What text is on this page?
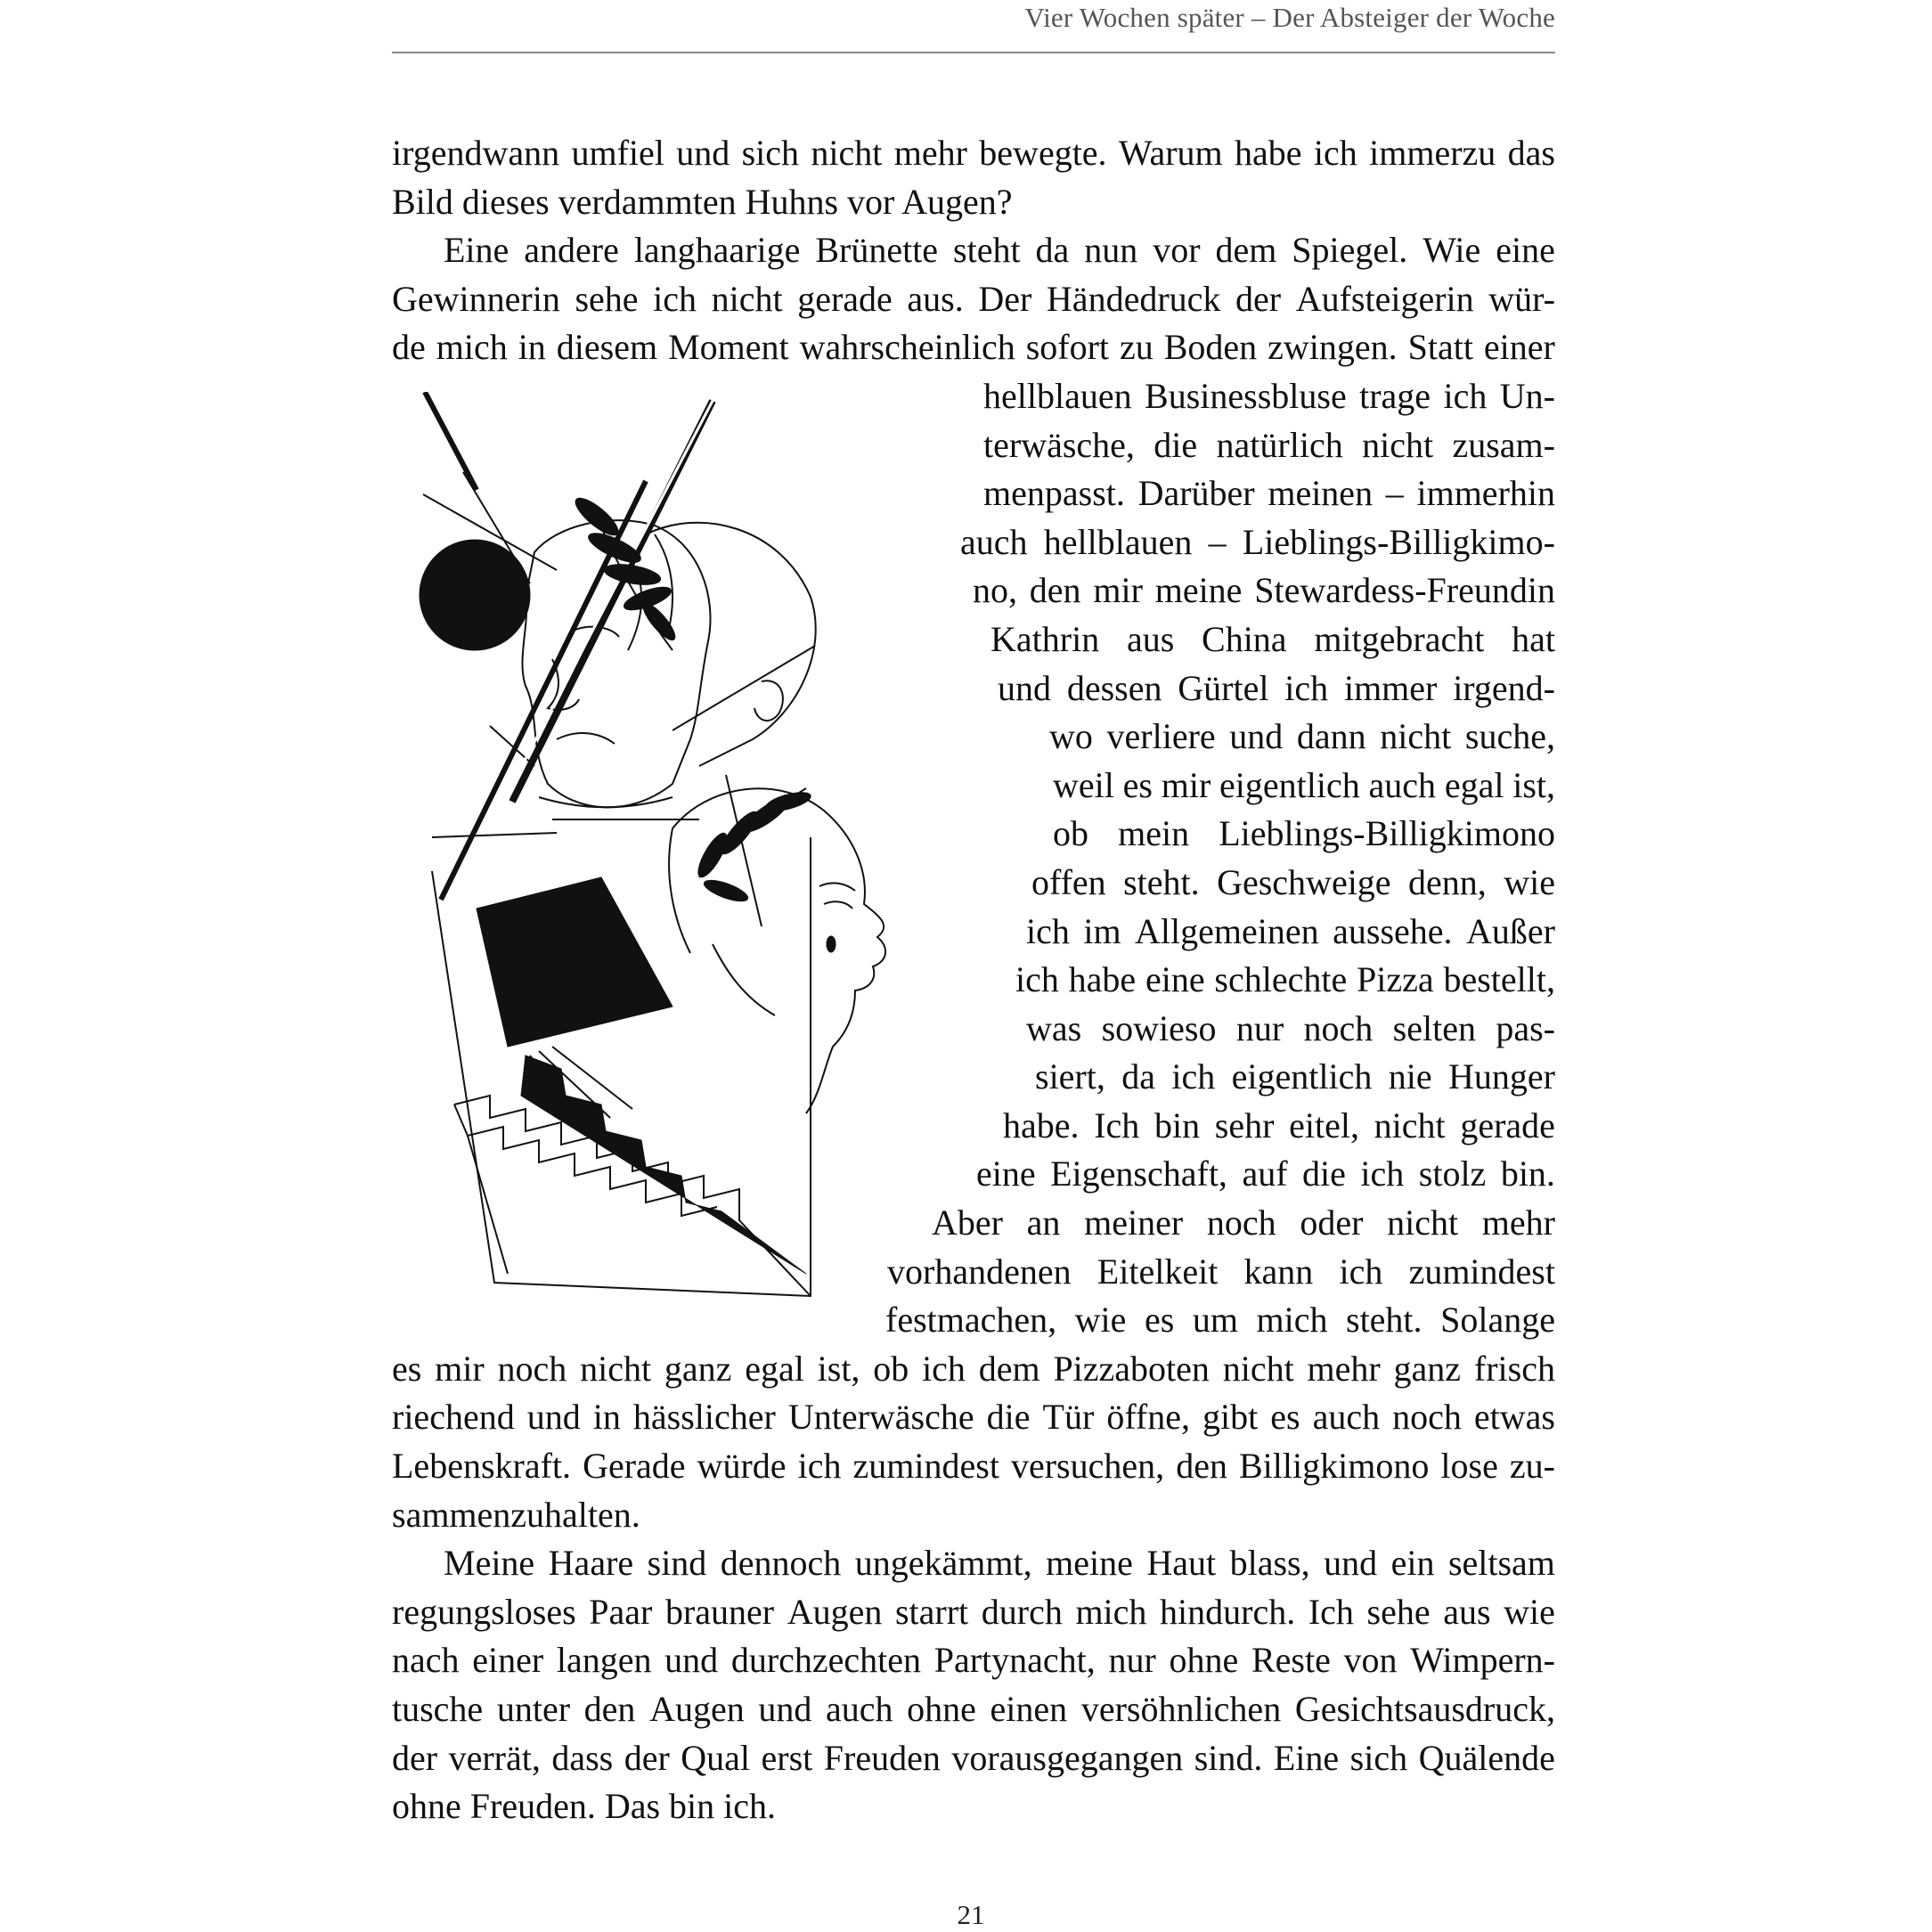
Vier Wochen später – Der Absteiger der Woche
irgendwann umfiel und sich nicht mehr bewegte. Warum habe ich immerzu das
Bild dieses verdammten Huhns vor Augen?
Eine andere langhaarige Brünette steht da nun vor dem Spiegel. Wie eine
Gewinnerin sehe ich nicht gerade aus. Der Händedruck der Aufsteigerin wür-
de mich in diesem Moment wahrscheinlich sofort zu Boden zwingen. Statt einer
hellblauen Businessbluse trage ich Un-
terwäsche, die natürlich nicht zusam-
menpasst. Darüber meinen – immerhin
auch hellblauen – Lieblings-Billigkimo-
no, den mir meine Stewardess-Freundin
Kathrin aus China mitgebracht hat
und dessen Gürtel ich immer irgend-
wo verliere und dann nicht suche,
weil es mir eigentlich auch egal ist,
ob mein Lieblings-Billigkimono
offen steht. Geschweige denn, wie
ich im Allgemeinen aussehe. Außer
ich habe eine schlechte Pizza bestellt,
was sowieso nur noch selten pas-
siert, da ich eigentlich nie Hunger
habe. Ich bin sehr eitel, nicht gerade
eine Eigenschaft, auf die ich stolz bin.
Aber an meiner noch oder nicht mehr
vorhandenen Eitelkeit kann ich zumindest
festmachen, wie es um mich steht. Solange
es mir noch nicht ganz egal ist, ob ich dem Pizzaboten nicht mehr ganz frisch
riechend und in hässlicher Unterwäsche die Tür öffne, gibt es auch noch etwas
Lebenskraft. Gerade würde ich zumindest versuchen, den Billigkimono lose zu-
sammenzuhalten.
Meine Haare sind dennoch ungekämmt, meine Haut blass, und ein seltsam
regungsloses Paar brauner Augen starrt durch mich hindurch. Ich sehe aus wie
nach einer langen und durchzechten Partynacht, nur ohne Reste von Wimpern-
tusche unter den Augen und auch ohne einen versöhnlichen Gesichtsausdruck,
der verrät, dass der Qual erst Freuden vorausgegangen sind. Eine sich Quälende
ohne Freuden. Das bin ich.
21
